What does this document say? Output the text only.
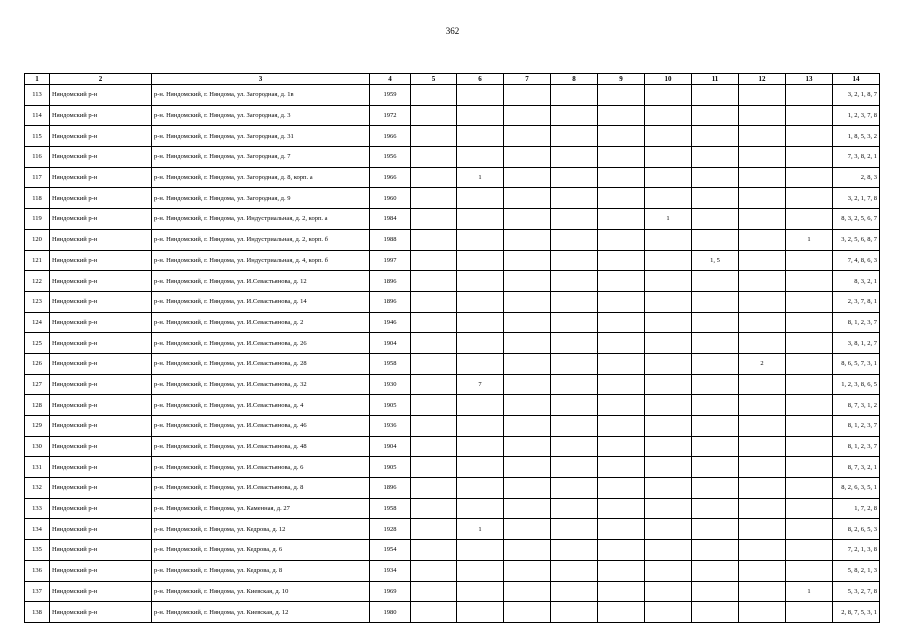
362
1	2	3	4	5	6	7	8	9	10	11	12	13	14
113	Няндомский р-н	р-н. Няндомский, г. Няндома, ул. Загородная, д. 1в	1959										3, 2, 1, 8, 7
114	Няндомский р-н	р-н. Няндомский, г. Няндома, ул. Загородная, д. 3	1972										1, 2, 3, 7, 8
115	Няндомский р-н	р-н. Няндомский, г. Няндома, ул. Загородная, д. 31	1966										1, 8, 5, 3, 2
116	Няндомский р-н	р-н. Няндомский, г. Няндома, ул. Загородная, д. 7	1956										7, 3, 8, 2, 1
117	Няндомский р-н	р-н. Няндомский, г. Няндома, ул. Загородная, д. 8, корп. а	1966		1								2, 8, 3
118	Няндомский р-н	р-н. Няндомский, г. Няндома, ул. Загородная, д. 9	1960										3, 2, 1, 7, 8
119	Няндомский р-н	р-н. Няндомский, г. Няндома, ул. Индустриальная, д. 2, корп. а	1984						1				8, 3, 2, 5, 6, 7
120	Няндомский р-н	р-н. Няндомский, г. Няндома, ул. Индустриальная, д. 2, корп. б	1988									1	3, 2, 5, 6, 8, 7
121	Няндомский р-н	р-н. Няндомский, г. Няндома, ул. Индустриальная, д. 4, корп. б	1997							1, 5			7, 4, 8, 6, 3
122	Няндомский р-н	р-н. Няндомский, г. Няндома, ул. И.Севастьянова, д. 12	1896										8, 3, 2, 1
123	Няндомский р-н	р-н. Няндомский, г. Няндома, ул. И.Севастьянова, д. 14	1896										2, 3, 7, 8, 1
124	Няндомский р-н	р-н. Няндомский, г. Няндома, ул. И.Севастьянова, д. 2	1946										8, 1, 2, 3, 7
125	Няндомский р-н	р-н. Няндомский, г. Няндома, ул. И.Севастьянова, д. 26	1904										3, 8, 1, 2, 7
126	Няндомский р-н	р-н. Няндомский, г. Няндома, ул. И.Севастьянова, д. 28	1958								2		8, 6, 5, 7, 3, 1
127	Няндомский р-н	р-н. Няндомский, г. Няндома, ул. И.Севастьянова, д. 32	1930		7								1, 2, 3, 8, 6, 5
128	Няндомский р-н	р-н. Няндомский, г. Няндома, ул. И.Севастьянова, д. 4	1905										8, 7, 3, 1, 2
129	Няндомский р-н	р-н. Няндомский, г. Няндома, ул. И.Севастьянова, д. 46	1936										8, 1, 2, 3, 7
130	Няндомский р-н	р-н. Няндомский, г. Няндома, ул. И.Севастьянова, д. 48	1904										8, 1, 2, 3, 7
131	Няндомский р-н	р-н. Няндомский, г. Няндома, ул. И.Севастьянова, д. 6	1905										8, 7, 3, 2, 1
132	Няндомский р-н	р-н. Няндомский, г. Няндома, ул. И.Севастьянова, д. 8	1896										8, 2, 6, 3, 5, 1
133	Няндомский р-н	р-н. Няндомский, г. Няндома, ул. Каменная, д. 27	1958										1, 7, 2, 8
134	Няндомский р-н	р-н. Няндомский, г. Няндома, ул. Кедрова, д. 12	1928		1								8, 2, 6, 5, 3
135	Няндомский р-н	р-н. Няндомский, г. Няндома, ул. Кедрова, д. 6	1954										7, 2, 1, 3, 8
136	Няндомский р-н	р-н. Няндомский, г. Няндома, ул. Кедрова, д. 8	1934										5, 8, 2, 1, 3
137	Няндомский р-н	р-н. Няндомский, г. Няндома, ул. Киевская, д. 10	1969									1	5, 3, 2, 7, 8
138	Няндомский р-н	р-н. Няндомский, г. Няндома, ул. Киевская, д. 12	1980										2, 8, 7, 5, 3, 1
